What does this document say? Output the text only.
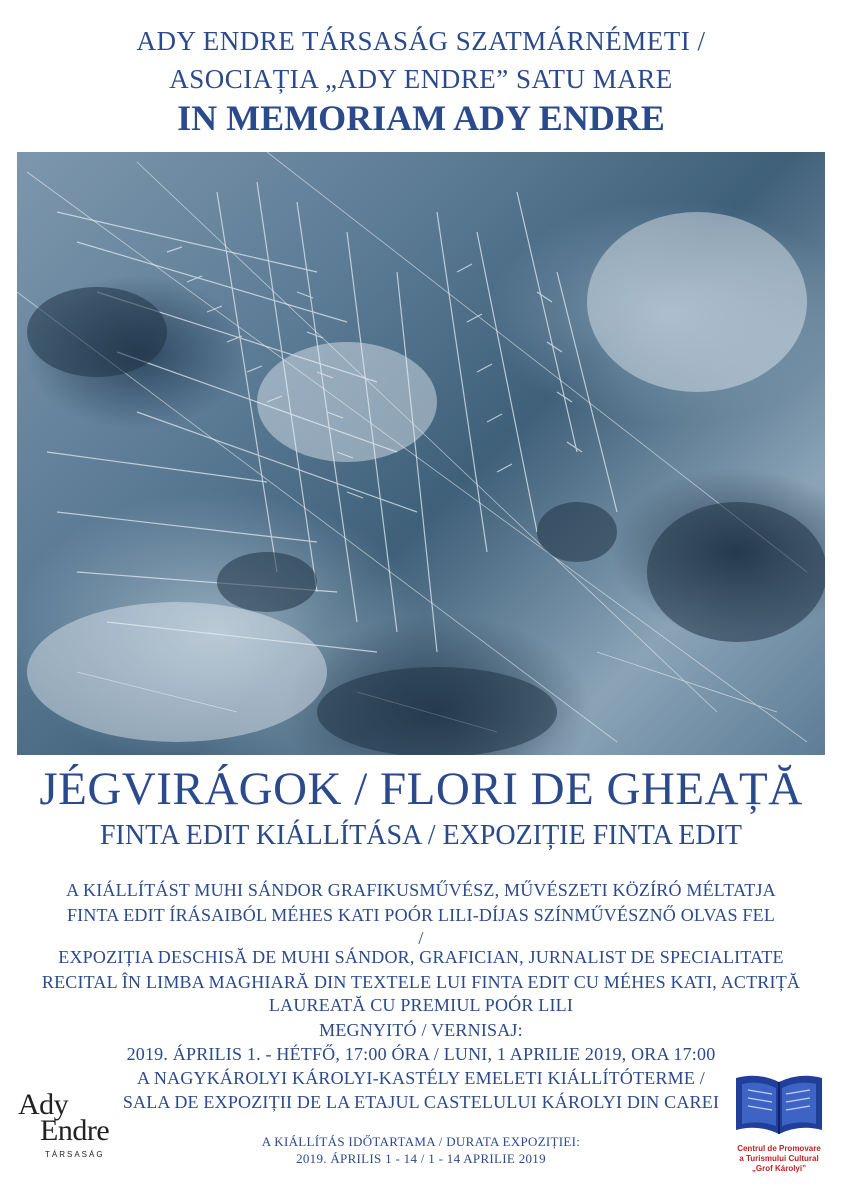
ADY ENDRE TÁRSASÁG SZATMÁRNÉMETI /
ASOCIAȚIA „ADY ENDRE” SATU MARE
IN MEMORIAM ADY ENDRE
JÉGVIRÁGOK / FLORI DE GHEAȚĂ
FINTA EDIT KIÁLLÍTÁSA / EXPOZIȚIE FINTA EDIT
A KIÁLLÍTÁST MUHI SÁNDOR GRAFIKUSMŰVÉSZ, MŰVÉSZETI KÖZÍRÓ MÉLTATJA
FINTA EDIT ÍRÁSAIBÓL MÉHES KATI POÓR LILI-DÍJAS SZÍNMŰVÉSZNŐ OLVAS FEL
/
EXPOZIȚIA DESCHISĂ DE MUHI SÁNDOR, GRAFICIAN, JURNALIST DE SPECIALITATE
RECITAL ÎN LIMBA MAGHIARĂ DIN TEXTELE LUI FINTA EDIT CU MÉHES KATI, ACTRIȚĂ
LAUREATĂ CU PREMIUL POÓR LILI
MEGNYITÓ / VERNISAJ:
2019. ÁPRILIS 1. - HÉTFŐ, 17:00 ÓRA / LUNI, 1 APRILIE 2019, ORA 17:00
A NAGYKÁROLYI KÁROLYI-KASTÉLY EMELETI KIÁLLÍTÓTERME /
SALA DE EXPOZIȚII DE LA ETAJUL CASTELULUI KÁROLYI DIN CAREI
A KIÁLLÍTÁS IDŐTARTAMA / DURATA EXPOZIȚIEI:
2019. ÁPRILIS 1 - 14 / 1 - 14 APRILIE 2019
Ady
Endre
TÁRSASÁG
Centrul de Promovare
a Turismului Cultural
„Grof Károlyi”
